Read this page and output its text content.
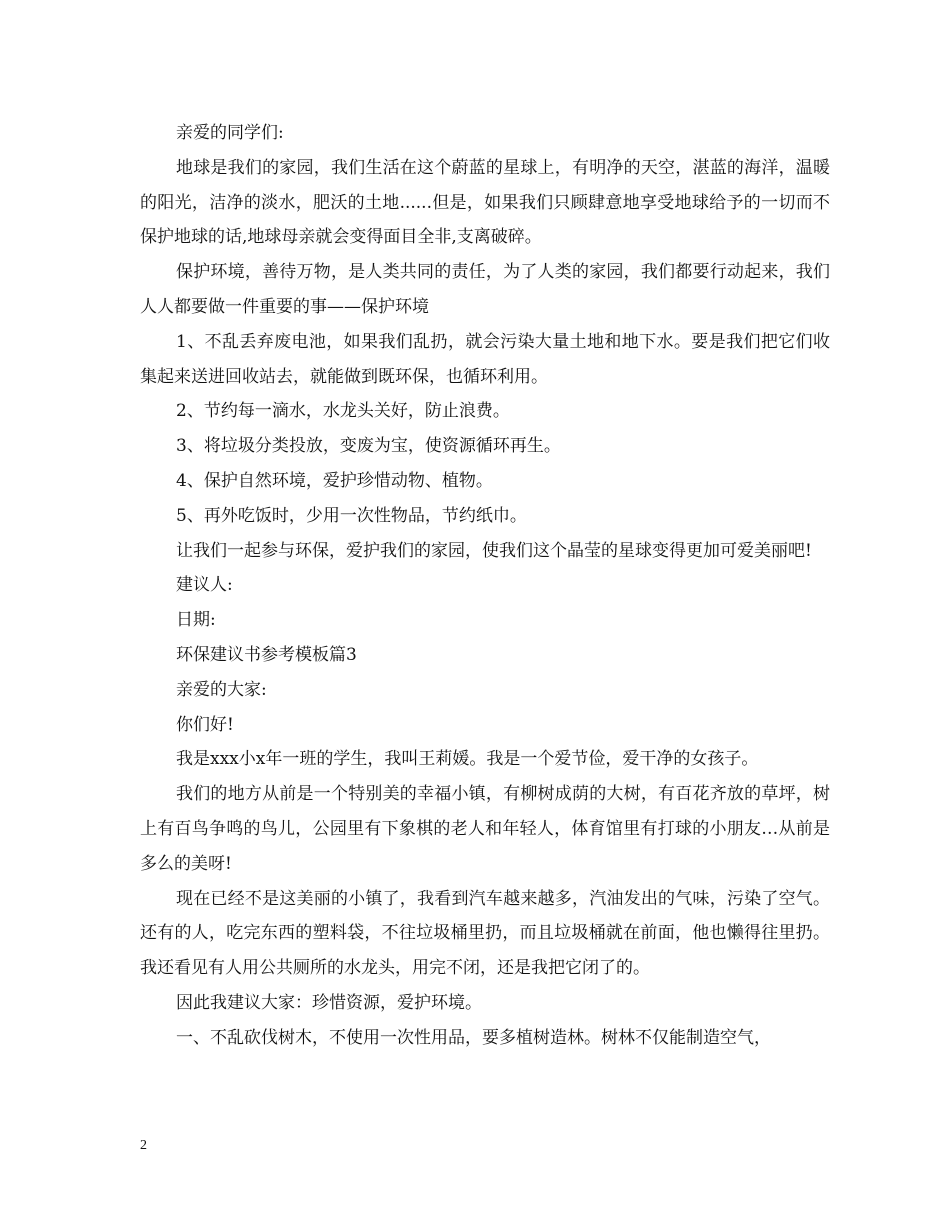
亲爱的同学们:

地球是我们的家园，我们生活在这个蔚蓝的星球上，有明净的天空，湛蓝的海洋，温暖的阳光，洁净的淡水，肥沃的土地......但是，如果我们只顾肆意地享受地球给予的一切而不保护地球的话,地球母亲就会变得面目全非,支离破碎。

保护环境，善待万物，是人类共同的责任，为了人类的家园，我们都要行动起来，我们人人都要做一件重要的事——保护环境

1、不乱丢弃废电池，如果我们乱扔，就会污染大量土地和地下水。要是我们把它们收集起来送进回收站去，就能做到既环保，也循环利用。

2、节约每一滴水，水龙头关好，防止浪费。

3、将垃圾分类投放，变废为宝，使资源循环再生。

4、保护自然环境，爱护珍惜动物、植物。

5、再外吃饭时，少用一次性物品，节约纸巾。

让我们一起参与环保，爱护我们的家园，使我们这个晶莹的星球变得更加可爱美丽吧!

建议人:

日期:

环保建议书参考模板篇3

亲爱的大家:

你们好!

我是xxx小x年一班的学生，我叫王莉媛。我是一个爱节俭，爱干净的女孩子。

我们的地方从前是一个特别美的幸福小镇，有柳树成荫的大树，有百花齐放的草坪，树上有百鸟争鸣的鸟儿，公园里有下象棋的老人和年轻人，体育馆里有打球的小朋友…从前是多么的美呀!

现在已经不是这美丽的小镇了，我看到汽车越来越多，汽油发出的气味，污染了空气。还有的人，吃完东西的塑料袋，不往垃圾桶里扔，而且垃圾桶就在前面，他也懒得往里扔。我还看见有人用公共厕所的水龙头，用完不闭，还是我把它闭了的。

因此我建议大家：珍惜资源，爱护环境。

一、不乱砍伐树木，不使用一次性用品，要多植树造林。树林不仅能制造空气，

2
